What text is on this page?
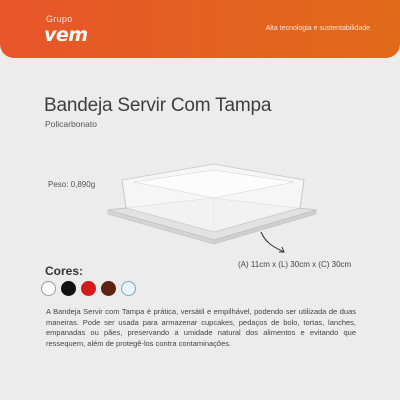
Grupo
vem	Alta tecnologia e sustentabilidade
Bandeja Servir Com Tampa
Policarbonato
Peso: 0,890g
(A) 11cm x (L) 30cm x (C) 30cm
Cores:
A Bandeja Servir com Tampa é prática, versátil e empilhável, podendo ser utilizada de duas maneiras. Pode ser usada para armazenar cupcakes, pedaços de bolo, tortas, lanches, empanadas ou pães, preservando a umidade natural dos alimentos e evitando que ressequem, além de protegê-los contra contaminações.
